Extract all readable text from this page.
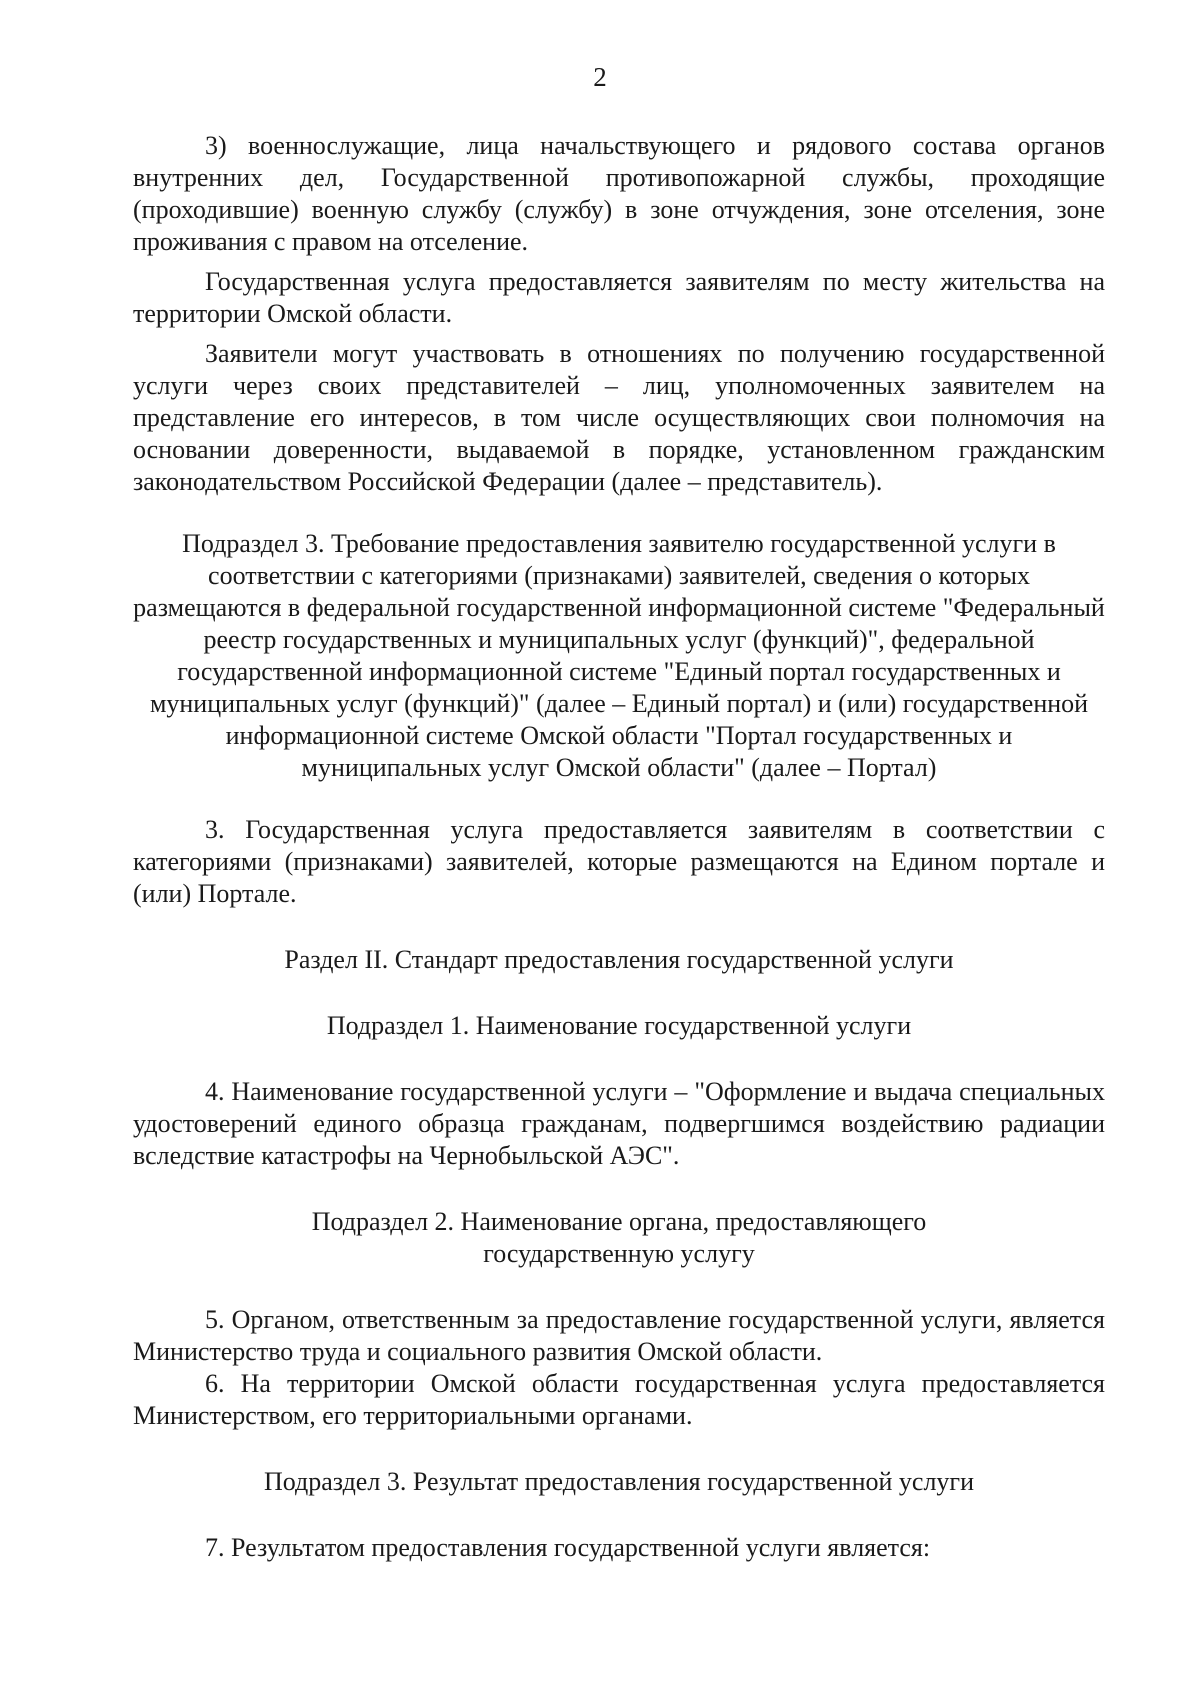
2

3) военнослужащие, лица начальствующего и рядового состава органов внутренних дел, Государственной противопожарной службы, проходящие (проходившие) военную службу (службу) в зоне отчуждения, зоне отселения, зоне проживания с правом на отселение.

Государственная услуга предоставляется заявителям по месту жительства на территории Омской области.

Заявители могут участвовать в отношениях по получению государственной услуги через своих представителей – лиц, уполномоченных заявителем на представление его интересов, в том числе осуществляющих свои полномочия на основании доверенности, выдаваемой в порядке, установленном гражданским законодательством Российской Федерации (далее – представитель).

Подраздел 3. Требование предоставления заявителю государственной услуги в соответствии с категориями (признаками) заявителей, сведения о которых размещаются в федеральной государственной информационной системе "Федеральный реестр государственных и муниципальных услуг (функций)", федеральной государственной информационной системе "Единый портал государственных и муниципальных услуг (функций)" (далее – Единый портал) и (или) государственной информационной системе Омской области "Портал государственных и муниципальных услуг Омской области" (далее – Портал)

3. Государственная услуга предоставляется заявителям в соответствии с категориями (признаками) заявителей, которые размещаются на Едином портале и (или) Портале.

Раздел II. Стандарт предоставления государственной услуги

Подраздел 1. Наименование государственной услуги

4. Наименование государственной услуги – "Оформление и выдача специальных удостоверений единого образца гражданам, подвергшимся воздействию радиации вследствие катастрофы на Чернобыльской АЭС".

Подраздел 2. Наименование органа, предоставляющего государственную услугу

5. Органом, ответственным за предоставление государственной услуги, является Министерство труда и социального развития Омской области.

6. На территории Омской области государственная услуга предоставляется Министерством, его территориальными органами.

Подраздел 3. Результат предоставления государственной услуги

7. Результатом предоставления государственной услуги является:
